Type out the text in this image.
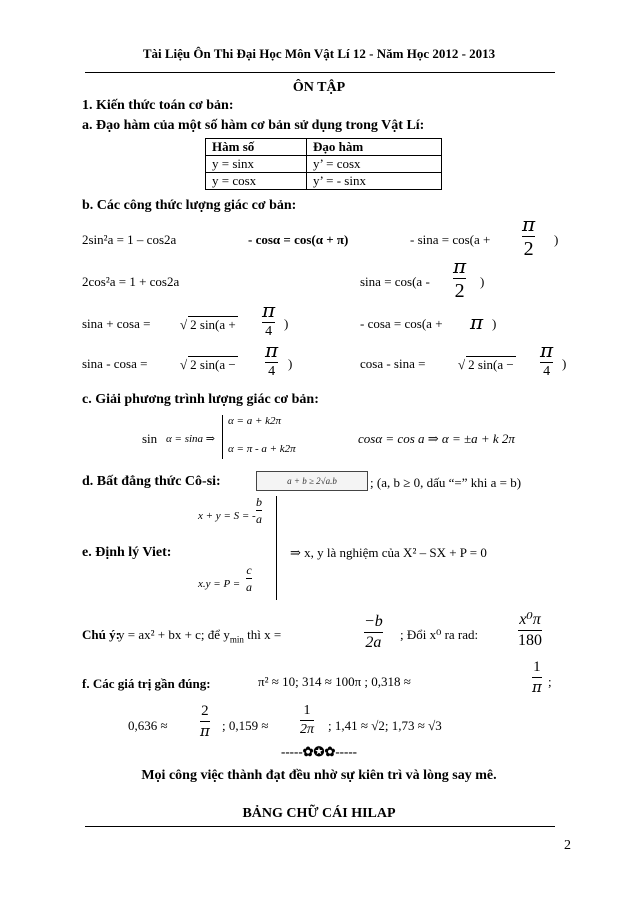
Tài Liệu Ôn Thi Đại Học Môn Vật Lí 12 - Năm Học 2012 - 2013
ÔN TẬP
1. Kiến thức toán cơ bản:
a. Đạo hàm của một số hàm cơ bản sử dụng trong Vật Lí:
Hàm số	Đạo hàm
y = sinx	y’ = cosx
y = cosx	y’ = - sinx
b. Các công thức lượng giác cơ bản:
2sin²a = 1 – cos2a	- cosα = cos(α + π)	- sina = cos(a +
π
2 )
2cos²a = 1 + cos2a	sina = cos(a -
π
2 )
sina + cosa = √ 2 sin(a +
π
4
)	- cosa = cos(a + π )
sina - cosa =	√ 2 sin(a −
π
4
)	cosa - sina =	√ 2 sin(a −
π
4
)
c. Giải phương trình lượng giác cơ bản:
sin α = sina ⇒
α = a + k2π
α = π - a + k2π
cosα = cos a ⇒ α = ±a + k 2π
d. Bất đẳng thức Cô-si:	a + b ≥ 2√a.b	; (a, b ≥ 0, dấu “=” khi a = b)
x + y = S = -
b
a
e. Định lý Viet:	⇒ x, y là nghiệm của X² – SX + P = 0
x.y = P =
c
a
Chú ý:
y = ax² + bx + c; để $y_{min}$ thì x =
−b
2a ; Đổi x⁰ ra rad:
x⁰π
180
f. Các giá trị gần đúng:	π² ≈ 10; 314 ≈ 100π ; 0,318 ≈
1
π ;
0,636 ≈
2
π ; 0,159 ≈
1
2π ; 1,41 ≈ √2; 1,73 ≈ √3
-----✿✪✿-----
Mọi công việc thành đạt đều nhờ sự kiên trì và lòng say mê.
BẢNG CHỮ CÁI HILAP
2
